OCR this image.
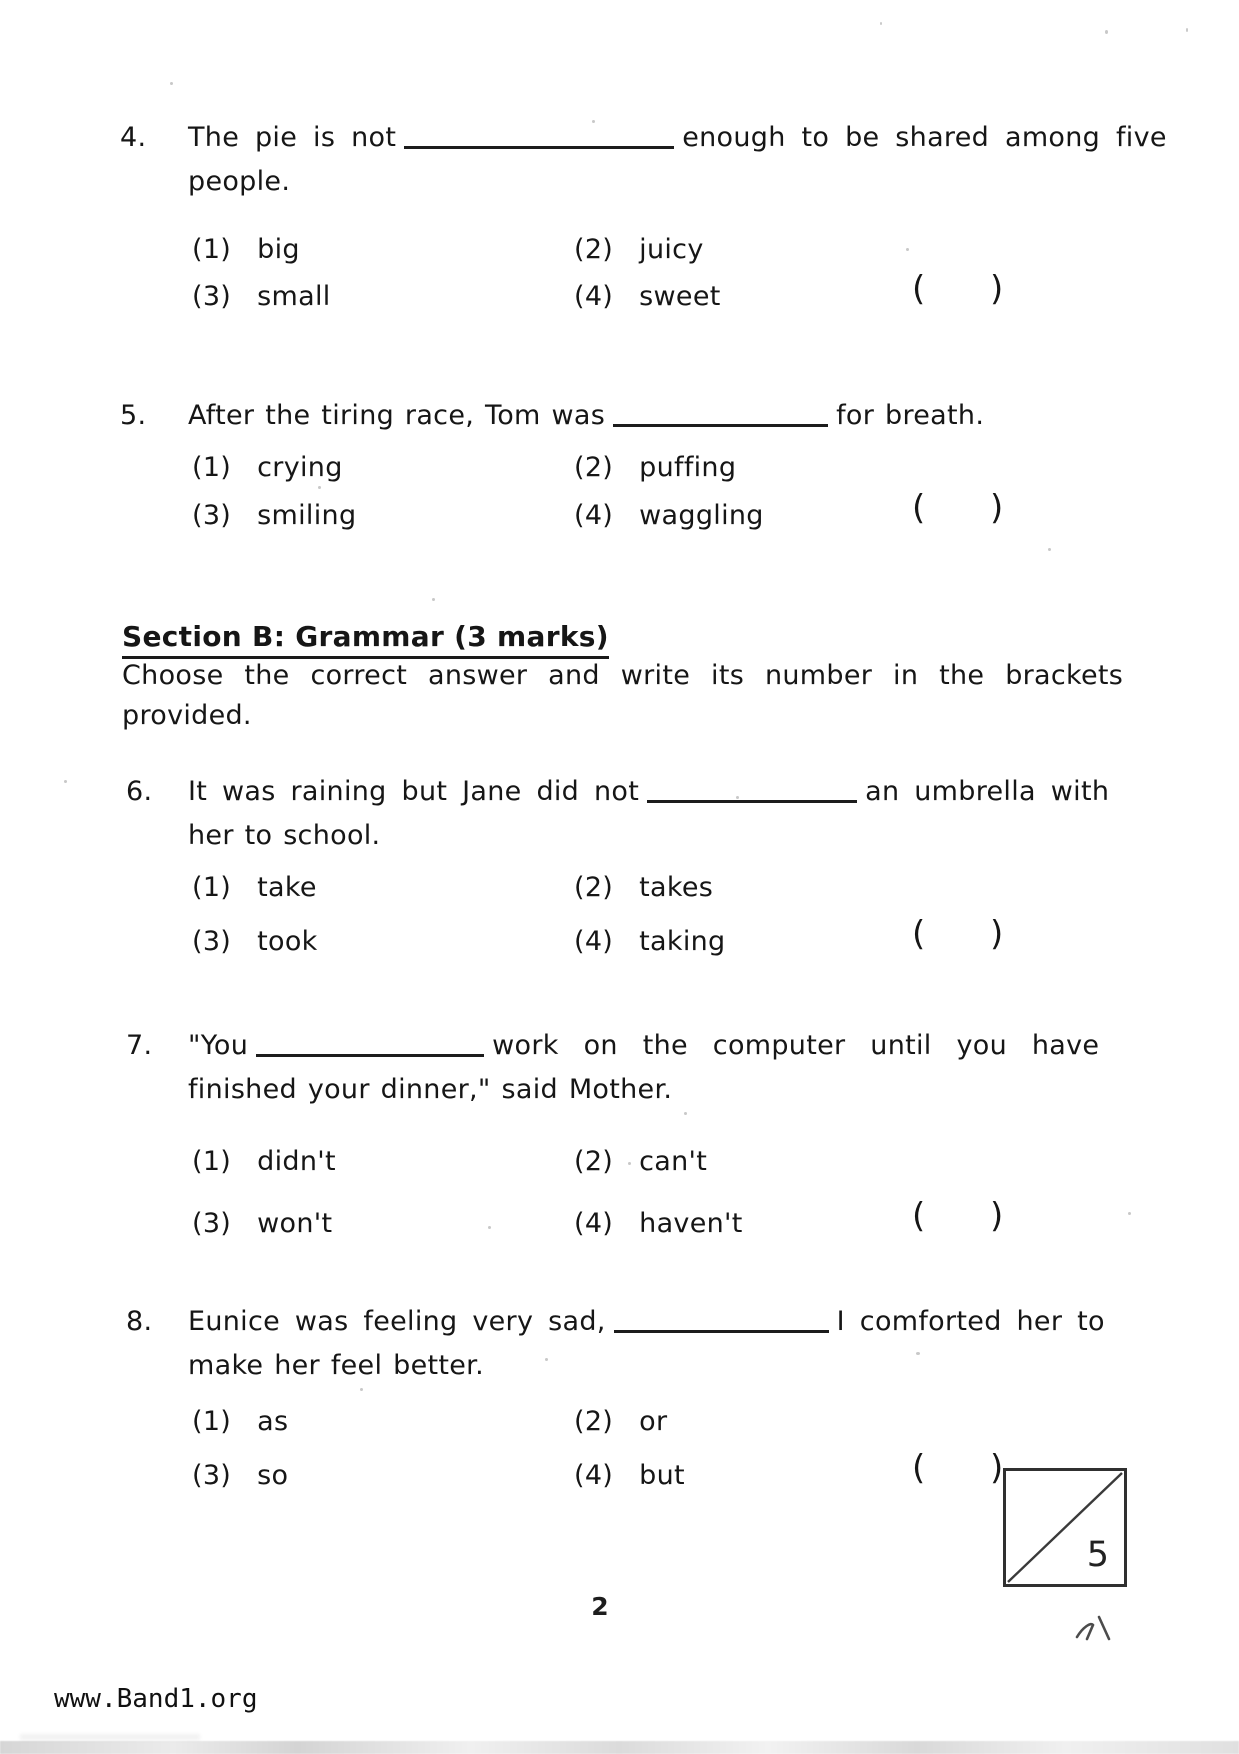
4. The pie is not	enough to be shared among five
people.
(1) big	(2) juicy
(3) small	(4) sweet	( )
5. After the tiring race, Tom was	for breath.
(1) crying	(2) puffing
(3) smiling	(4) waggling	( )
Section B: Grammar (3 marks)
Choose the correct answer and write its number in the brackets
provided.
6. It was raining but Jane did not	an umbrella with
her to school.
(1) take	(2) takes
(3) took	(4) taking	( )
7. "You	work on the computer until you have
finished your dinner," said Mother.
(1) didn't	(2) can't
(3) won't	(4) haven't	( )
8. Eunice was feeling very sad,	I comforted her to
make her feel better.
(1) as	(2) or
(3) so	(4) but	( )
5
2
www.Band1.org
